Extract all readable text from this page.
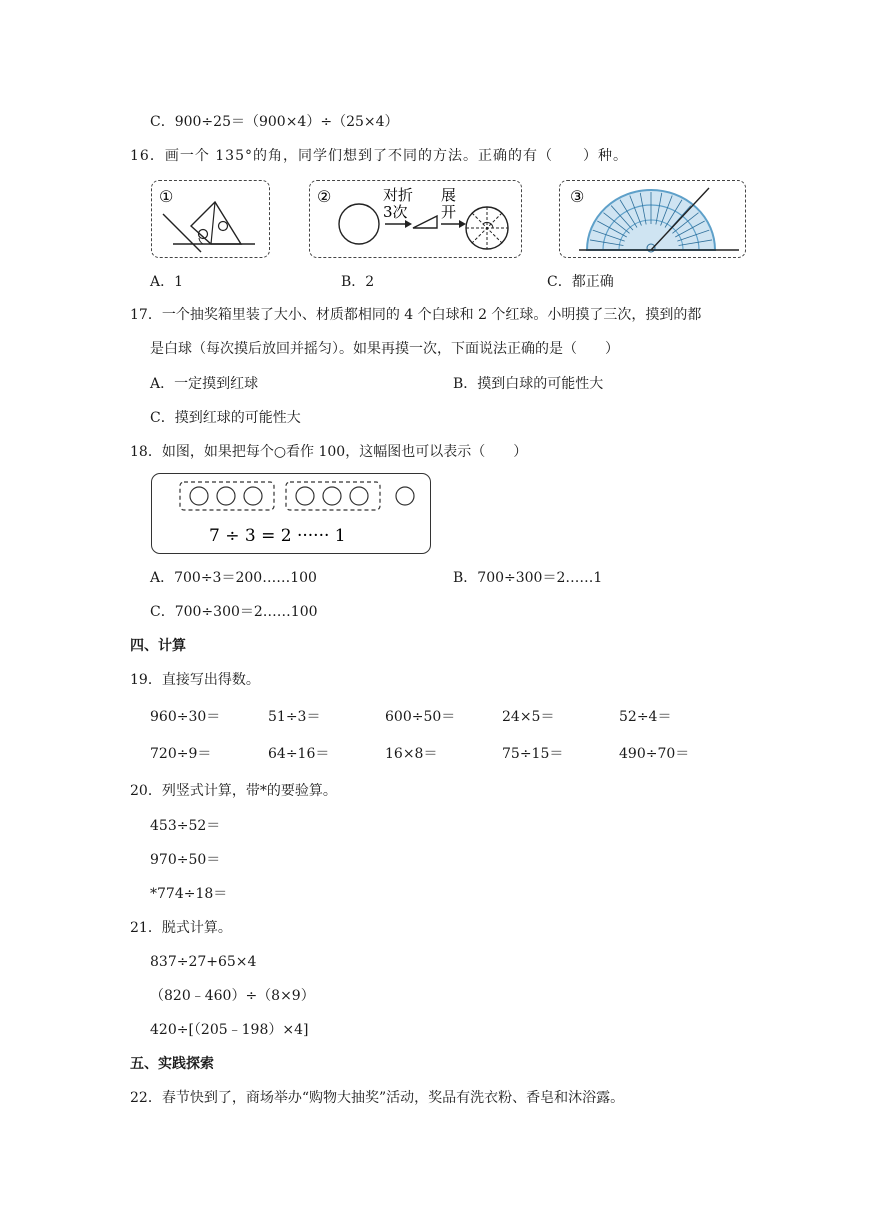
C．900÷25＝（900×4）÷（25×4）
16．画一个 135°的角，同学们想到了不同的方法。正确的有（　　）种。
①	②	对折
3次
展
开
③
A．1	B．2	C．都正确
17．一个抽奖箱里装了大小、材质都相同的 4 个白球和 2 个红球。小明摸了三次，摸到的都
是白球（每次摸后放回并摇匀）。如果再摸一次，下面说法正确的是（　　）
A．一定摸到红球	B．摸到白球的可能性大
C．摸到红球的可能性大
18．如图，如果把每个○看作 100，这幅图也可以表示（　　）
7 ÷ 3 = 2 ······ 1
A．700÷3＝200……100	B．700÷300＝2……1
C．700÷300＝2……100
四、计算
19．直接写出得数。
960÷30＝	51÷3＝	600÷50＝	24×5＝	52÷4＝
720÷9＝	64÷16＝	16×8＝	75÷15＝	490÷70＝
20．列竖式计算，带*的要验算。
453÷52＝
970÷50＝
*774÷18＝
21．脱式计算。
837÷27+65×4
（820﹣460）÷（8×9）
420÷[（205﹣198）×4]
五、实践探索
22．春节快到了，商场举办“购物大抽奖”活动，奖品有洗衣粉、香皂和沐浴露。
